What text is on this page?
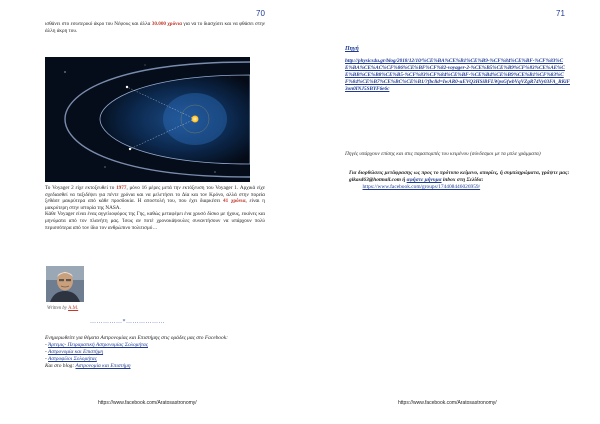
70
ισθάνει στο εσωτερικό άκρο του Νέφους και άλλα 30.000 χρόνια για να το διασχίσει και να φθάσει στην άλλη άκρη του.
Το Voyager 2 είχε εκτοξευθεί το 1977, μόνο 16 μέρες μετά την εκτόξευση του Voyager 1. Αρχικά είχε σχεδιασθεί να ταξιδέψει για πέντε χρόνια και να μελετήσει το Δία και τον Κρόνο, αλλά στην πορεία ξεθάσε μακρύτερα από κάθε προσδοκία. Η αποστολή του, που έχει διαρκέσει 41 χρόνια, είναι η μακρύτερη στην ιστορία της NASA.
Κάθε Voyager είναι ένας αγγελιοφόρος της Γης, καθώς μεταφέρει ένα χρυσό δίσκο με ήχους, εικόνες και μηνύματα από τον πλανήτη μας. Ίσως αν ποτέ χρονοκάψουλες συναντήσουν να υπάρχουν πολύ περισσότερα από τον ίδιο τον ανθρώπινο πολιτισμό…
Written by A.M.
……………*………………
Ενημερωθείτε για θέματα Αστρονομίας και Επιστήμης στις ομάδες μας στο Facebook:
- Άρτεμις- Πειραματική Αστρονομίας Σολομήτας
- Αστρονομία και Επιστήμη
- Αστροφίλοι Σολομήτας
Και στο blog: Αστρονομία και Επιστήμη
https://www.facebook.com/Aratosastronomy/
71
Πηγή
http://physics4u.gr/blog/2018/12/10/%CE%BA%CE%B1%CE%B9-%CF%84%CE%BF-%CF%83%CE%BA%CE%AC%CF%86%CE%BF%CF%82-voyager-2-%CE%B5%CE%B9%CF%83%CE%AE%CE%BB%CE%B8%CE%B5-%CF%83%CF%84%CE%BF-%CE%B4%CE%B9%CE%B1%CF%83%CF%84%CE%B7%CE%BC%CE%B1/?fbclid=IwAR0-uEVQ3HSiBFLWpsGfwbVqVZgR74Vy03FA_RKiF3on0INJ5SBYF6e6c
Πηγές υπάρχουν επίσης και στις παραπομπές του κειμένου (σύνδεσμοι με τα μπλε γράμματα)
Για διορθώσεις μετάφρασης ως προς το πρότυπο κείμενο, απορίες, ή συμπληρώματα, γράψτε μας: gikasd63@hotmail.com ή αφήστε μήνυμα inbox στη Σελίδα:
https://www.facebook.com/groups/174408446026959/
https://www.facebook.com/Aratosastronomy/
